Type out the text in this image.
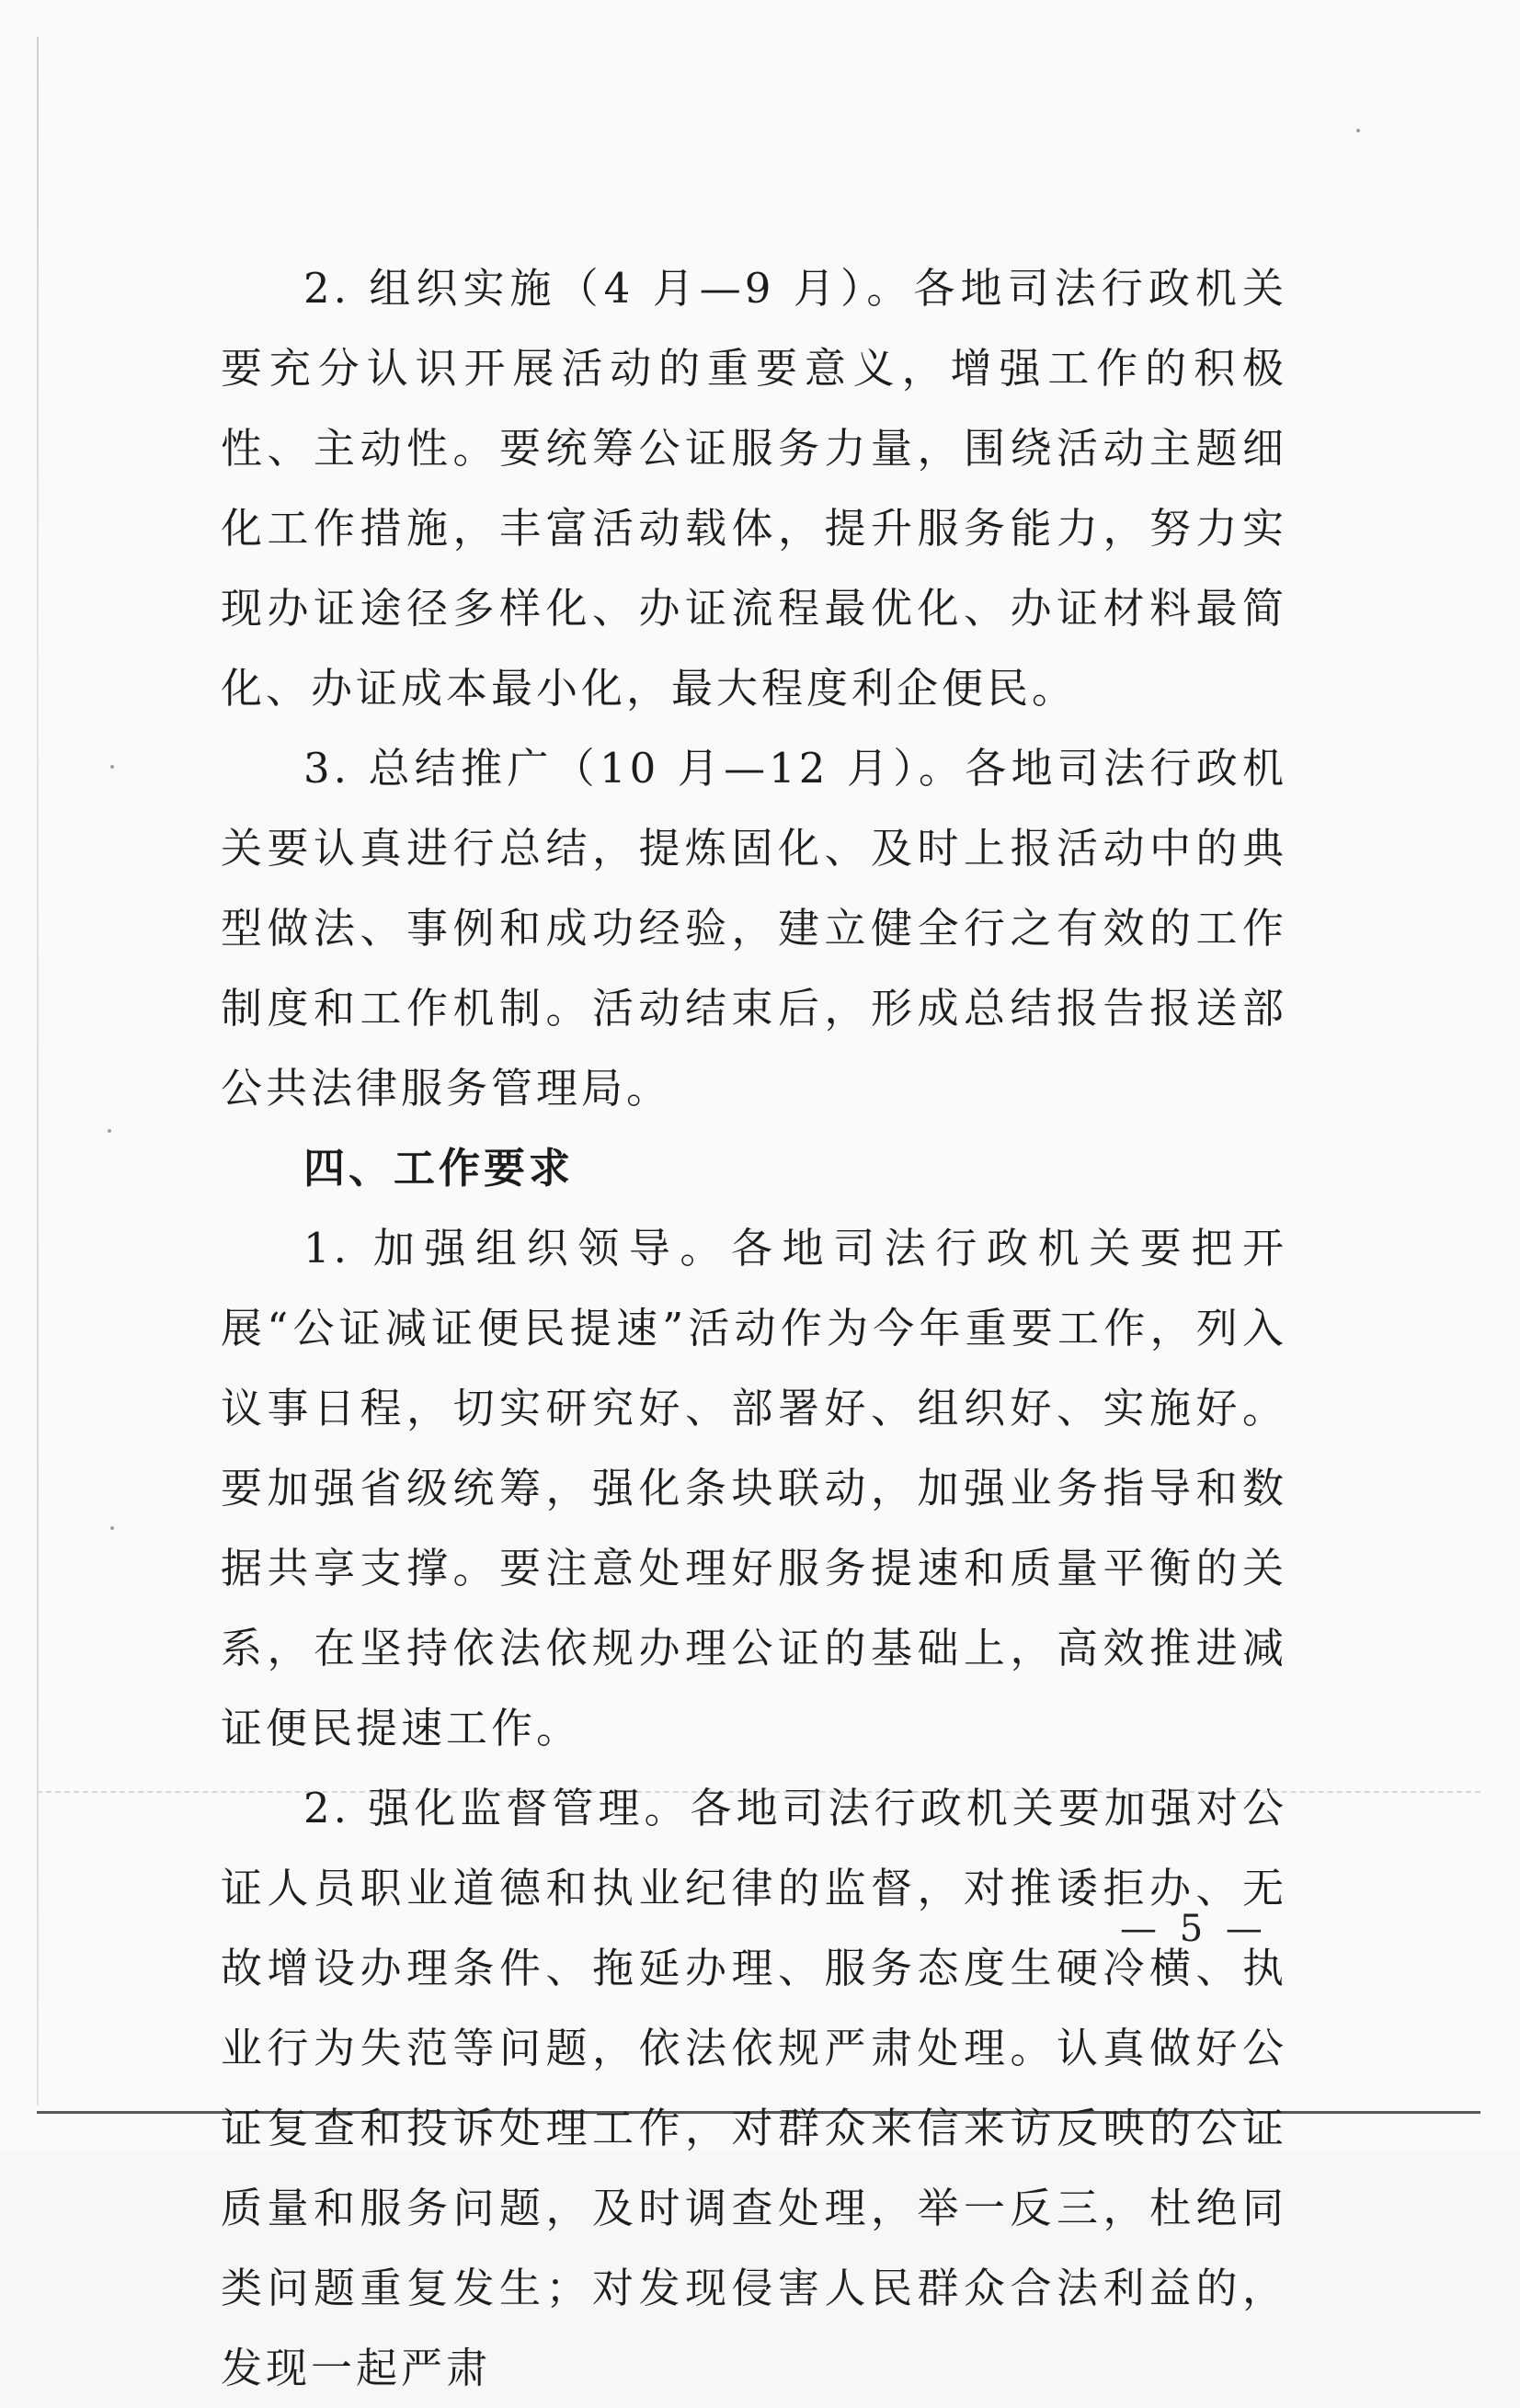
2. 组织实施（4 月—9 月）。各地司法行政机关要充分认识开展活动的重要意义，增强工作的积极性、主动性。要统筹公证服务力量，围绕活动主题细化工作措施，丰富活动载体，提升服务能力，努力实现办证途径多样化、办证流程最优化、办证材料最简化、办证成本最小化，最大程度利企便民。

3. 总结推广（10 月—12 月）。各地司法行政机关要认真进行总结，提炼固化、及时上报活动中的典型做法、事例和成功经验，建立健全行之有效的工作制度和工作机制。活动结束后，形成总结报告报送部公共法律服务管理局。

四、工作要求

1. 加强组织领导。各地司法行政机关要把开展“公证减证便民提速”活动作为今年重要工作，列入议事日程，切实研究好、部署好、组织好、实施好。要加强省级统筹，强化条块联动，加强业务指导和数据共享支撑。要注意处理好服务提速和质量平衡的关系，在坚持依法依规办理公证的基础上，高效推进减证便民提速工作。

2. 强化监督管理。各地司法行政机关要加强对公证人员职业道德和执业纪律的监督，对推诿拒办、无故增设办理条件、拖延办理、服务态度生硬冷横、执业行为失范等问题，依法依规严肃处理。认真做好公证复查和投诉处理工作，对群众来信来访反映的公证质量和服务问题，及时调查处理，举一反三，杜绝同类问题重复发生；对发现侵害人民群众合法利益的，发现一起严肃

— 5 —
